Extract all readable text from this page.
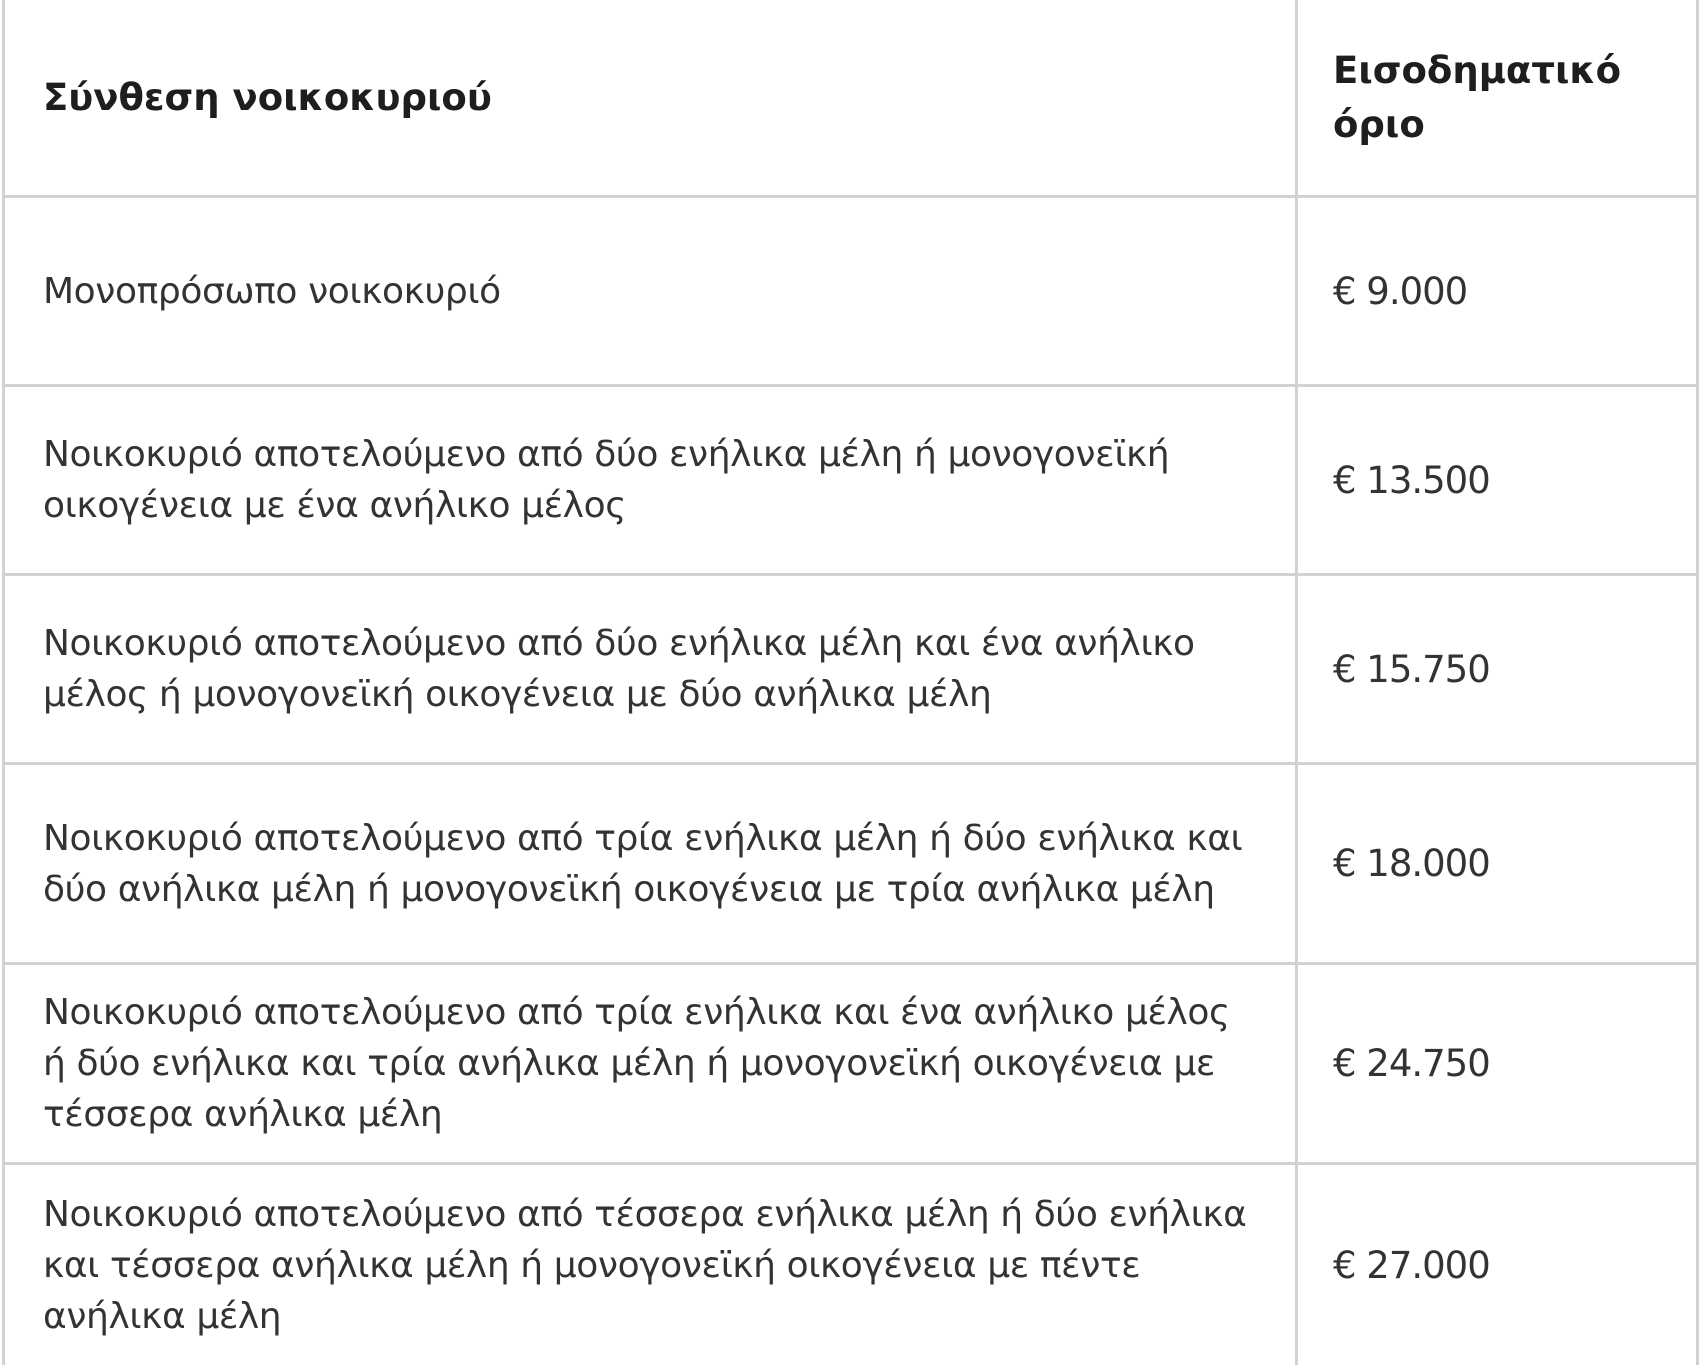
Σύνθεση νοικοκυριού	Εισοδηματικό όριο
Μονοπρόσωπο νοικοκυριό	€ 9.000
Νοικοκυριό αποτελούμενο από δύο ενήλικα μέλη ή μονογονεϊκή οικογένεια με ένα ανήλικο μέλος	€ 13.500
Νοικοκυριό αποτελούμενο από δύο ενήλικα μέλη και ένα ανήλικο μέλος ή μονογονεϊκή οικογένεια με δύο ανήλικα μέλη	€ 15.750
Νοικοκυριό αποτελούμενο από τρία ενήλικα μέλη ή δύο ενήλικα και δύο ανήλικα μέλη ή μονογονεϊκή οικογένεια με τρία ανήλικα μέλη	€ 18.000
Νοικοκυριό αποτελούμενο από τρία ενήλικα και ένα ανήλικο μέλος ή δύο ενήλικα και τρία ανήλικα μέλη ή μονογονεϊκή οικογένεια με τέσσερα ανήλικα μέλη	€ 24.750
Νοικοκυριό αποτελούμενο από τέσσερα ενήλικα μέλη ή δύο ενήλικα και τέσσερα ανήλικα μέλη ή μονογονεϊκή οικογένεια με πέντε ανήλικα μέλη	€ 27.000
